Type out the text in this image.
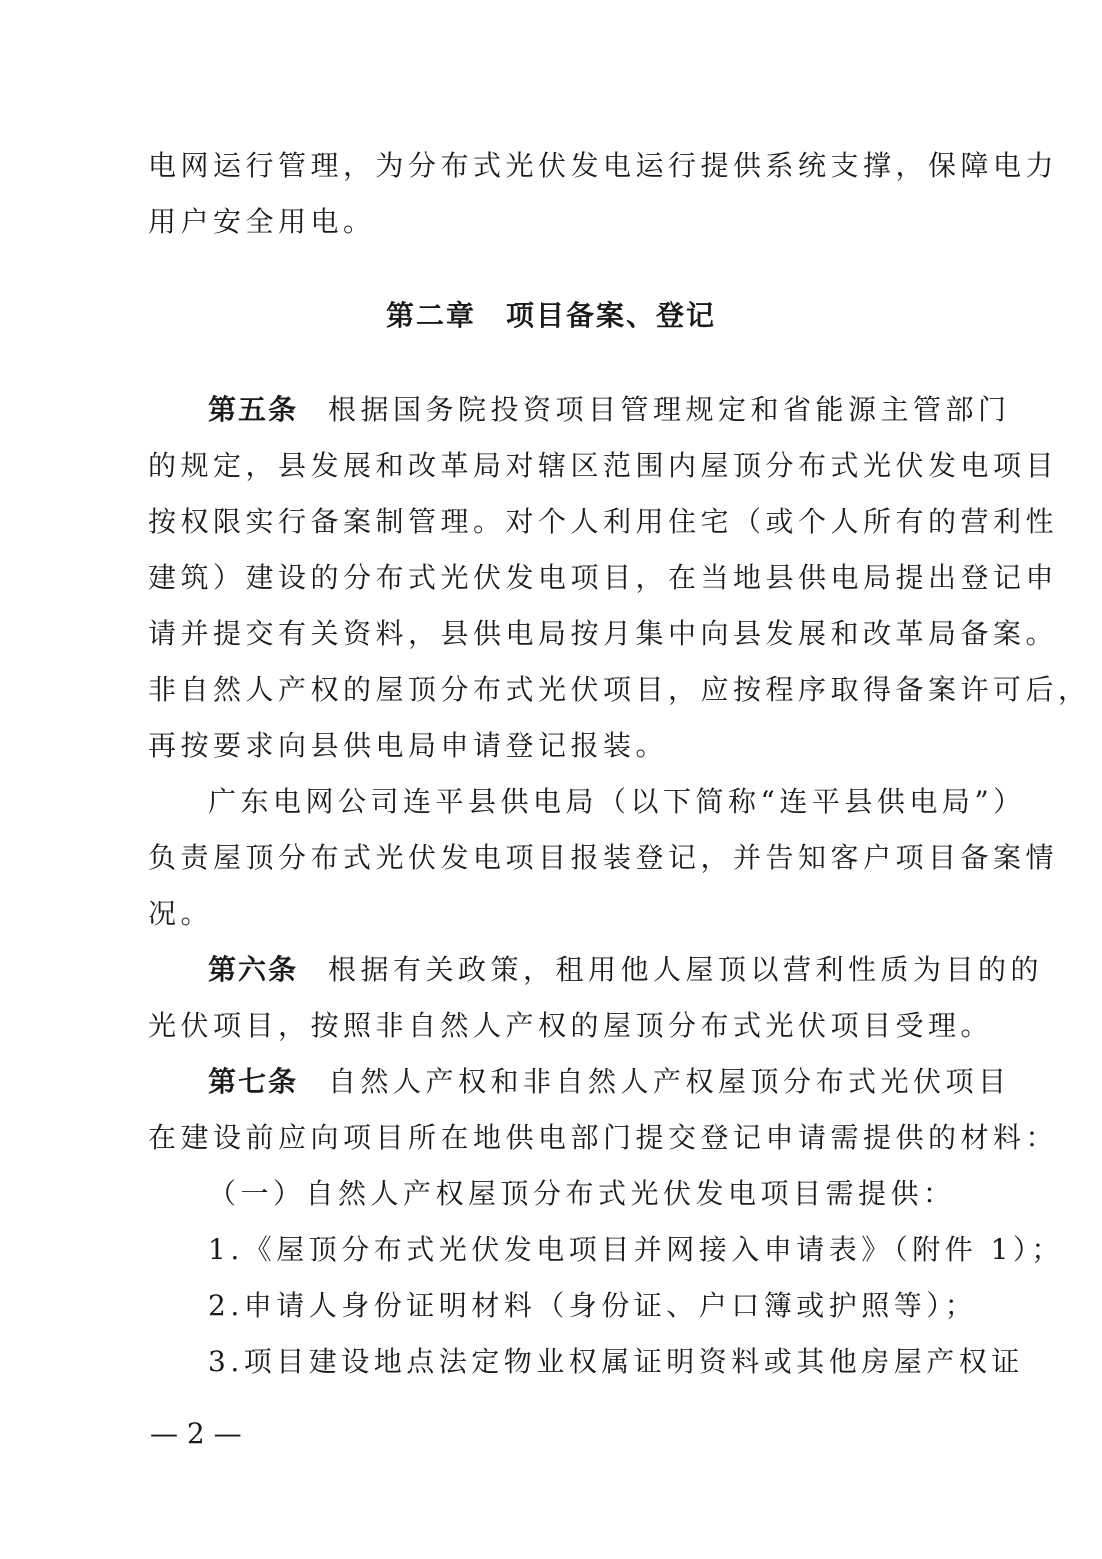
电网运行管理，为分布式光伏发电运行提供系统支撑，保障电力
用户安全用电。
第二章　项目备案、登记
第五条 根据国务院投资项目管理规定和省能源主管部门
的规定，县发展和改革局对辖区范围内屋顶分布式光伏发电项目
按权限实行备案制管理。对个人利用住宅（或个人所有的营利性
建筑）建设的分布式光伏发电项目，在当地县供电局提出登记申
请并提交有关资料，县供电局按月集中向县发展和改革局备案。
非自然人产权的屋顶分布式光伏项目，应按程序取得备案许可后，
再按要求向县供电局申请登记报装。
广东电网公司连平县供电局（以下简称“连平县供电局”）
负责屋顶分布式光伏发电项目报装登记，并告知客户项目备案情
况。
第六条 根据有关政策，租用他人屋顶以营利性质为目的的
光伏项目，按照非自然人产权的屋顶分布式光伏项目受理。
第七条 自然人产权和非自然人产权屋顶分布式光伏项目
在建设前应向项目所在地供电部门提交登记申请需提供的材料：
（一）自然人产权屋顶分布式光伏发电项目需提供：
1.《屋顶分布式光伏发电项目并网接入申请表》（附件 1）；
2.申请人身份证明材料（身份证、户口簿或护照等）；
3.项目建设地点法定物业权属证明资料或其他房屋产权证
— 2 —
